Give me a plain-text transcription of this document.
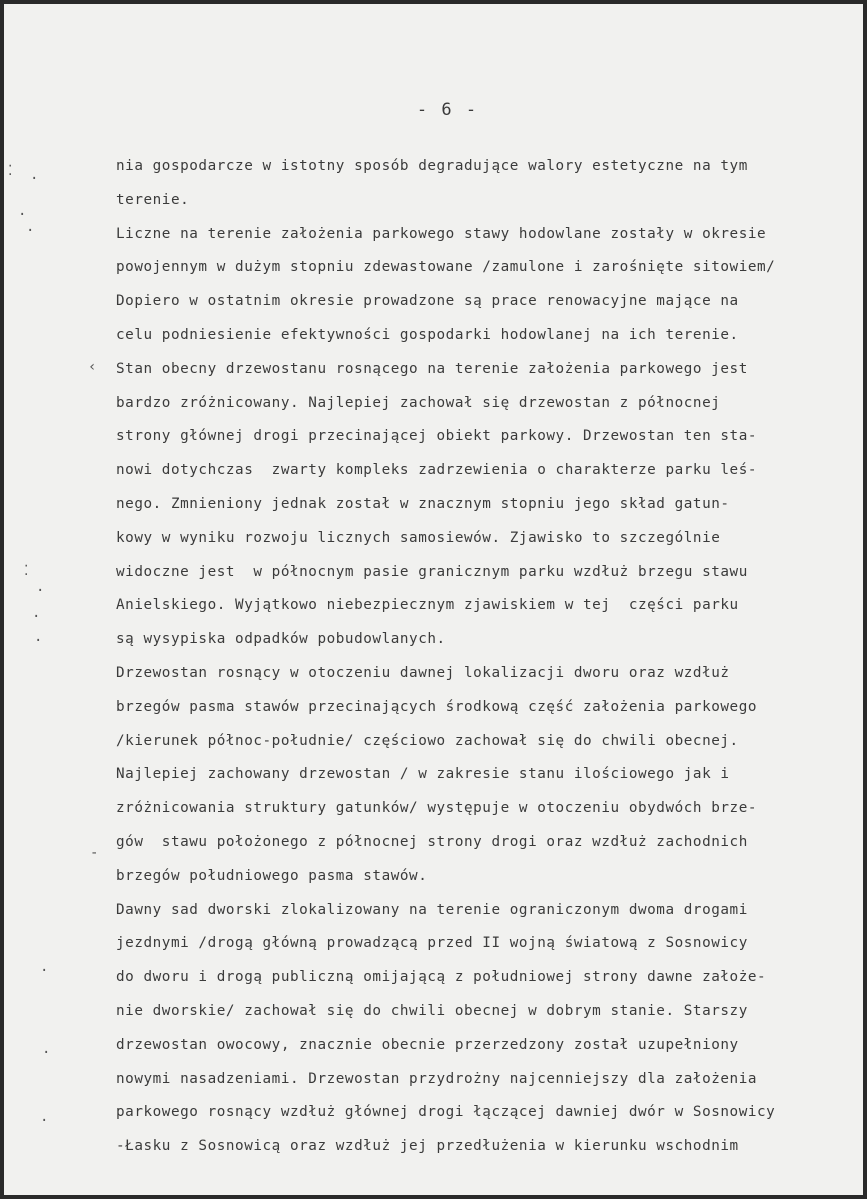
- 6 -
nia gospodarcze w istotny sposób degradujące walory estetyczne na tym
terenie.
Liczne na terenie założenia parkowego stawy hodowlane zostały w okresie
powojennym w dużym stopniu zdewastowane /zamulone i zarośnięte sitowiem/
Dopiero w ostatnim okresie prowadzone są prace renowacyjne mające na
celu podniesienie efektywności gospodarki hodowlanej na ich terenie.
Stan obecny drzewostanu rosnącego na terenie założenia parkowego jest
bardzo zróżnicowany. Najlepiej zachował się drzewostan z północnej
strony głównej drogi przecinającej obiekt parkowy. Drzewostan ten sta-
nowi dotychczas  zwarty kompleks zadrzewienia o charakterze parku leś-
nego. Zmnieniony jednak został w znacznym stopniu jego skład gatun-
kowy w wyniku rozwoju licznych samosiewów. Zjawisko to szczególnie
widoczne jest  w północnym pasie granicznym parku wzdłuż brzegu stawu
Anielskiego. Wyjątkowo niebezpiecznym zjawiskiem w tej  części parku
są wysypiska odpadków pobudowlanych.
Drzewostan rosnący w otoczeniu dawnej lokalizacji dworu oraz wzdłuż
brzegów pasma stawów przecinających środkową część założenia parkowego
/kierunek północ-południe/ częściowo zachował się do chwili obecnej.
Najlepiej zachowany drzewostan / w zakresie stanu ilościowego jak i
zróżnicowania struktury gatunków/ występuje w otoczeniu obydwóch brze-
gów  stawu położonego z północnej strony drogi oraz wzdłuż zachodnich
brzegów południowego pasma stawów.
Dawny sad dworski zlokalizowany na terenie ograniczonym dwoma drogami
jezdnymi /drogą główną prowadzącą przed II wojną światową z Sosnowicy
do dworu i drogą publiczną omijającą z południowej strony dawne założe-
nie dworskie/ zachował się do chwili obecnej w dobrym stanie. Starszy
drzewostan owocowy, znacznie obecnie przerzedzony został uzupełniony
nowymi nasadzeniami. Drzewostan przydrożny najcenniejszy dla założenia
parkowego rosnący wzdłuż głównej drogi łączącej dawniej dwór w Sosnowicy
-Łasku z Sosnowicą oraz wzdłuż jej przedłużenia w kierunku wschodnim
⁚ ·
·
·
‹
⁚
·
·
·
-
·
·
·
